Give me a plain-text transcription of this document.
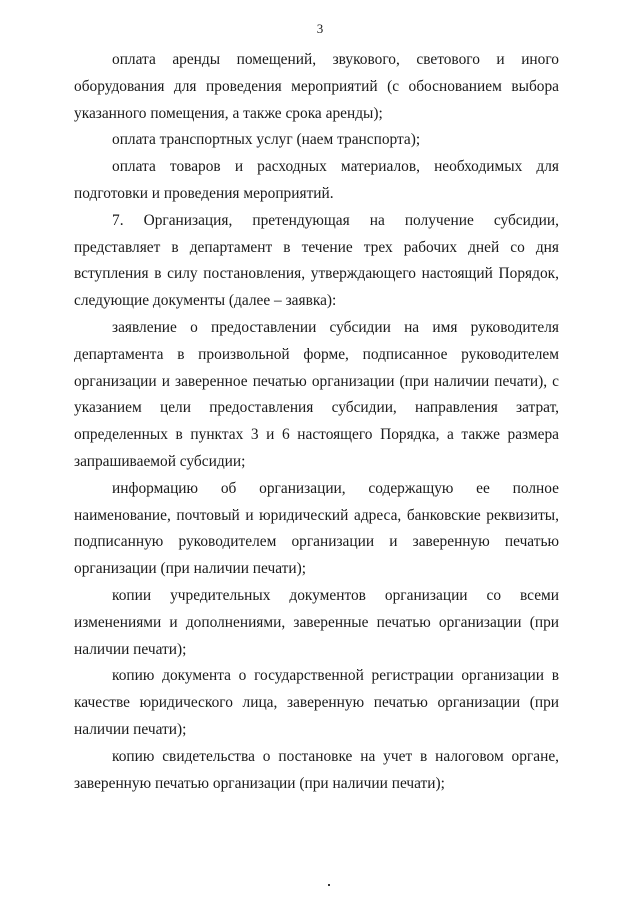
3

оплата аренды помещений, звукового, светового и иного оборудования для проведения мероприятий (с обоснованием выбора указанного помещения, а также срока аренды);

оплата транспортных услуг (наем транспорта);

оплата товаров и расходных материалов, необходимых для подготовки и проведения мероприятий.

7. Организация, претендующая на получение субсидии, представляет в департамент в течение трех рабочих дней со дня вступления в силу постановления, утверждающего настоящий Порядок, следующие документы (далее – заявка):

заявление о предоставлении субсидии на имя руководителя департамента в произвольной форме, подписанное руководителем организации и заверенное печатью организации (при наличии печати), с указанием цели предоставления субсидии, направления затрат, определенных в пунктах 3 и 6 настоящего Порядка, а также размера запрашиваемой субсидии;

информацию об организации, содержащую ее полное наименование, почтовый и юридический адреса, банковские реквизиты, подписанную руководителем организации и заверенную печатью организации (при наличии печати);

копии учредительных документов организации со всеми изменениями и дополнениями, заверенные печатью организации (при наличии печати);

копию документа о государственной регистрации организации в качестве юридического лица, заверенную печатью организации (при наличии печати);

копию свидетельства о постановке на учет в налоговом органе, заверенную печатью организации (при наличии печати);
